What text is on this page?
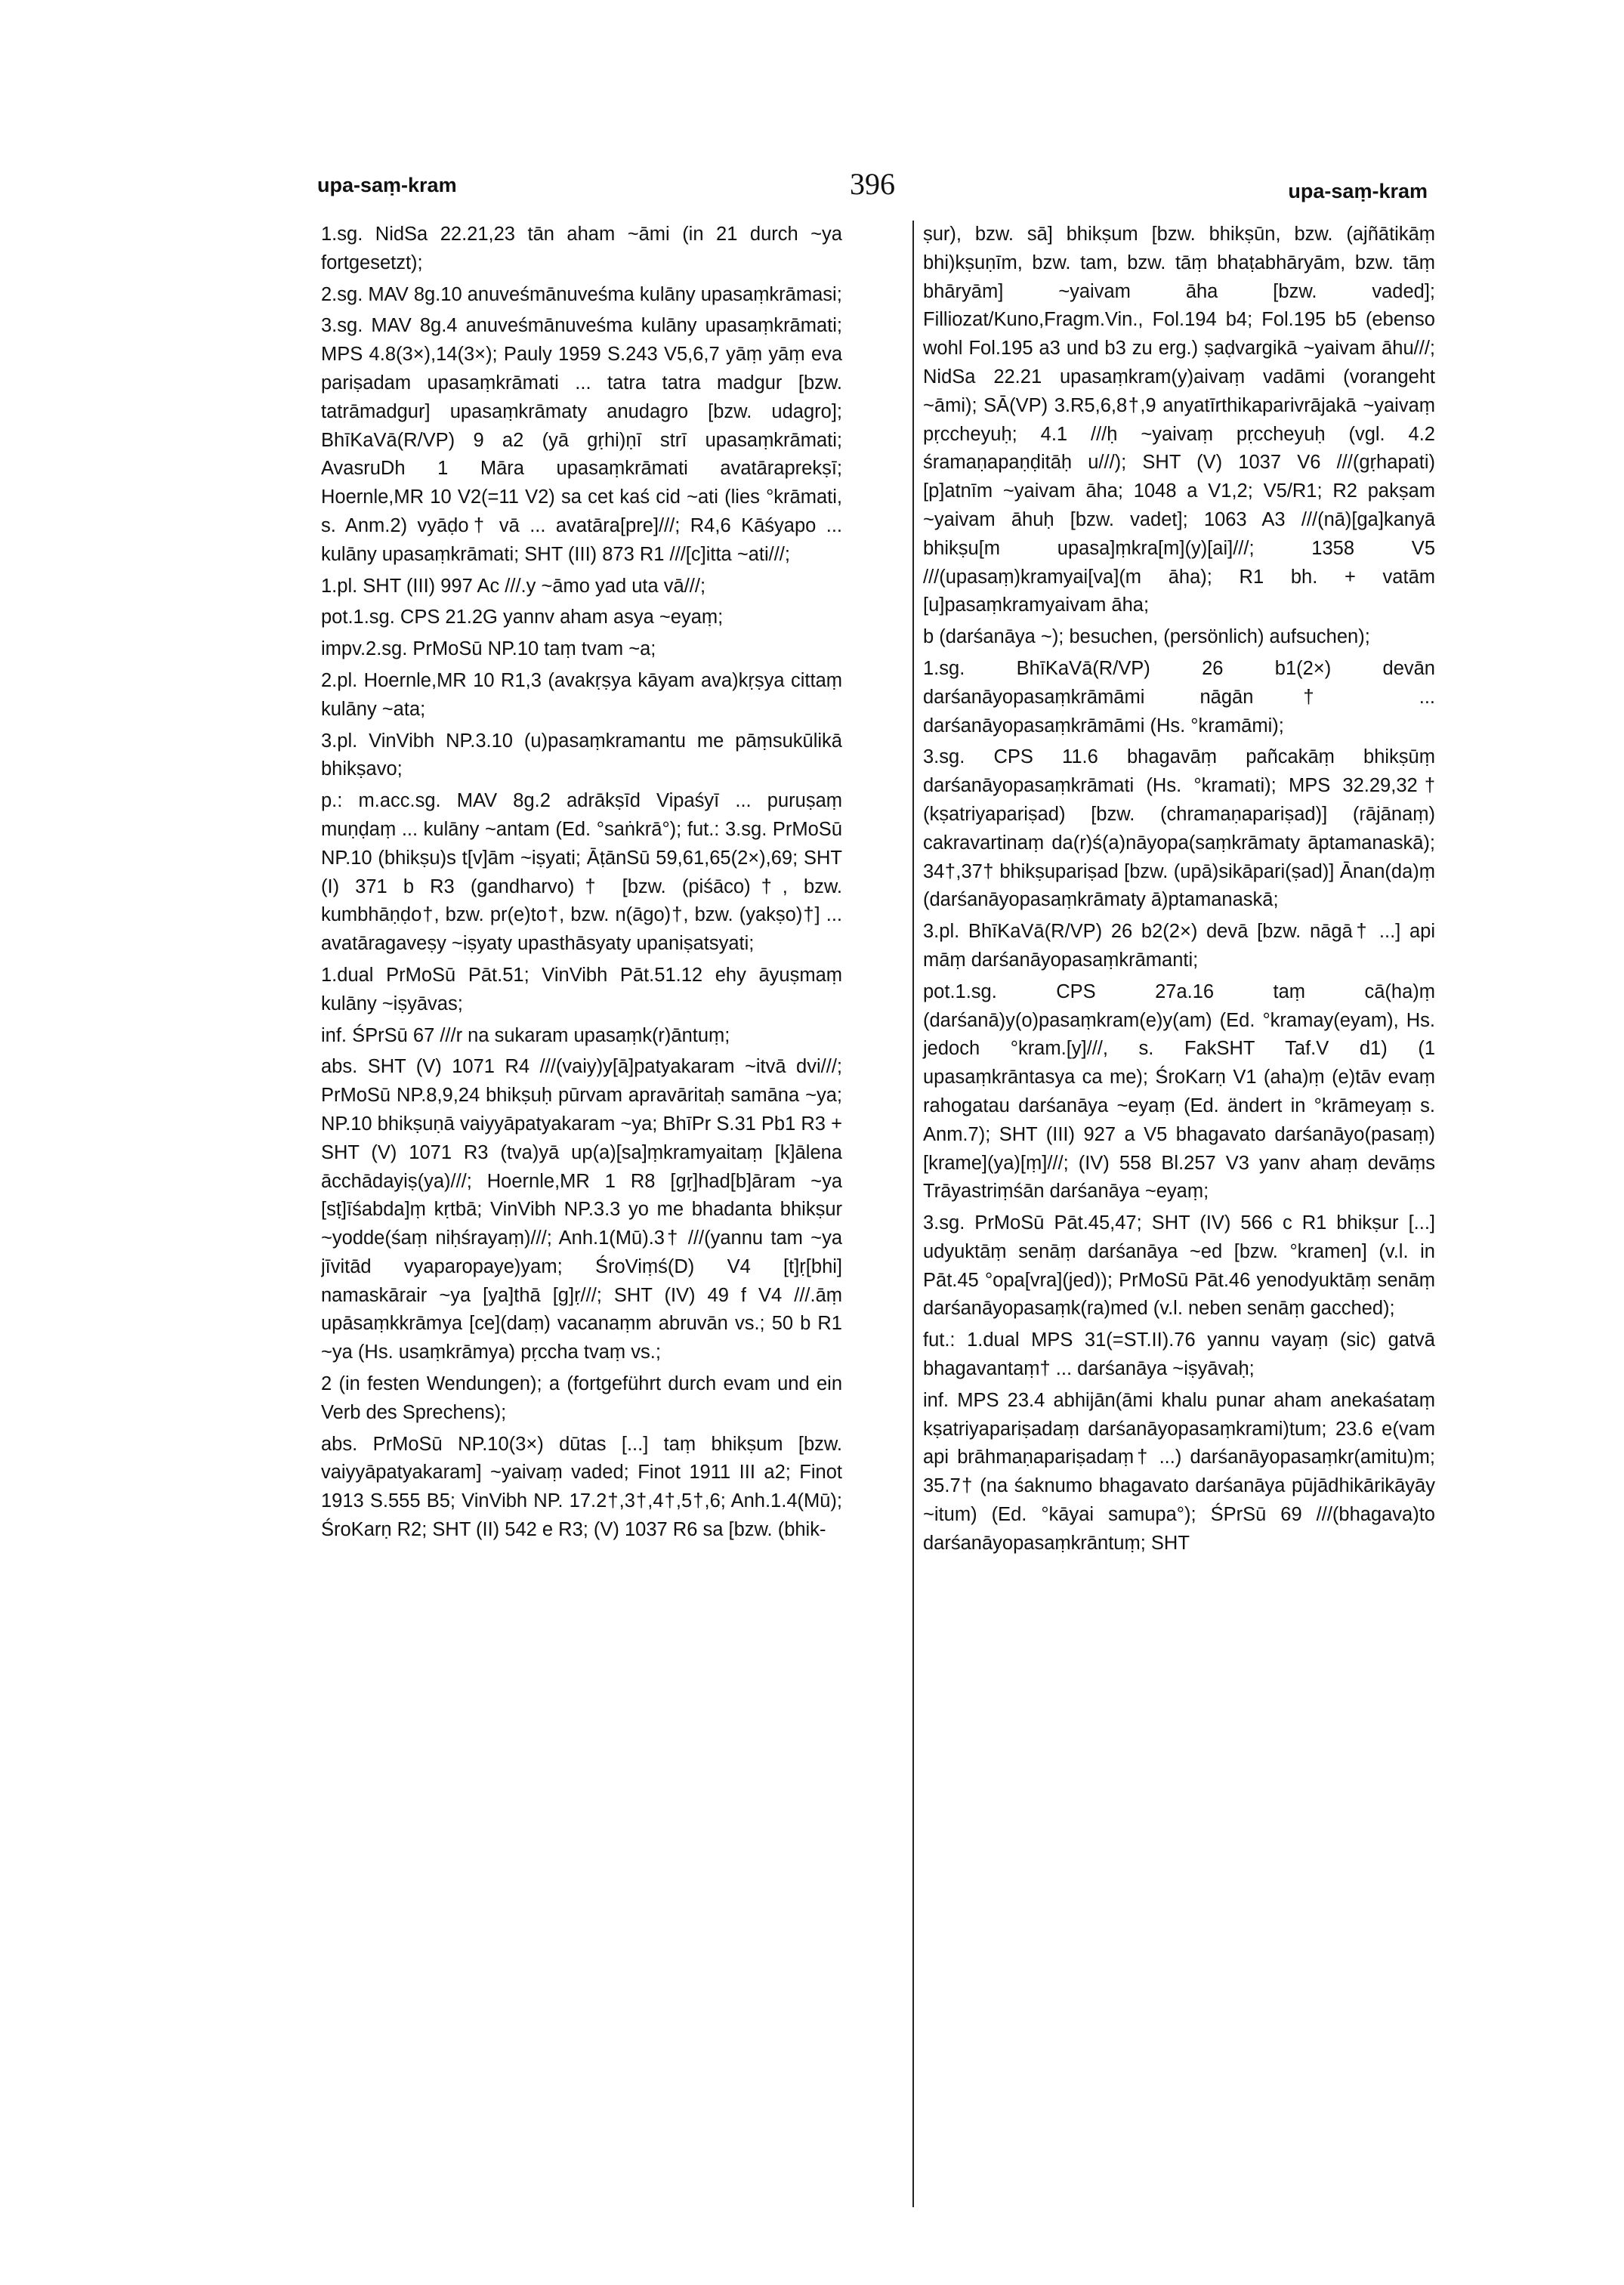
upa-saṃ-kram	396	upa-saṃ-kram

1.sg. NidSa 22.21,23 tān aham ~āmi (in 21 durch ~ya fortgesetzt);

2.sg. MAV 8g.10 anuveśmānuveśma kulāny upasaṃkrāmasi;

3.sg. MAV 8g.4 anuveśmānuveśma kulāny upasaṃkrāmati; MPS 4.8(3×),14(3×); Pauly 1959 S.243 V5,6,7 yāṃ yāṃ eva pariṣadam upasaṃkrāmati ... tatra tatra madgur [bzw. tatrāmadgur] upasaṃkrāmaty anudagro [bzw. udagro]; BhīKaVā(R/VP) 9 a2 (yā gṛhi)ṇī strī upasaṃkrāmati; AvasruDh 1 Māra upasaṃkrāmati avatāraprekṣī; Hoernle,MR 10 V2(=11 V2) sa cet kaś cid ~ati (lies °krāmati, s. Anm.2) vyāḍo† vā ... avatāra[pre]///; R4,6 Kāśyapo ... kulāny upasaṃkrāmati; SHT (III) 873 R1 ///[c]itta ~ati///;

1.pl. SHT (III) 997 Ac ///.y ~āmo yad uta vā///;

pot.1.sg. CPS 21.2G yannv aham asya ~eyaṃ;

impv.2.sg. PrMoSū NP.10 taṃ tvam ~a;

2.pl. Hoernle,MR 10 R1,3 (avakṛṣya kāyam ava)kṛṣya cittaṃ kulāny ~ata;

3.pl. VinVibh NP.3.10 (u)pasaṃkramantu me pāṃsukūlikā bhikṣavo;

p.: m.acc.sg. MAV 8g.2 adrākṣīd Vipaśyī ... puruṣaṃ muṇḍaṃ ... kulāny ~antam (Ed. °saṅkrā°); fut.: 3.sg. PrMoSū NP.10 (bhikṣu)s t[v]ām ~iṣyati; ĀṭānSū 59,61,65(2×),69; SHT (I) 371 b R3 (gandharvo)† [bzw. (piśāco)†, bzw. kumbhāṇḍo†, bzw. pr(e)to†, bzw. n(āgo)†, bzw. (yakṣo)†] ... avatāragaveṣy ~iṣyaty upasthāsyaty upaniṣatsyati;

1.dual PrMoSū Pāt.51; VinVibh Pāt.51.12 ehy āyuṣmaṃ kulāny ~iṣyāvas;

inf. ŚPrSū 67 ///r na sukaram upasaṃk(r)āntuṃ;

abs. SHT (V) 1071 R4 ///(vaiy)y[ā]patyakaram ~itvā dvi///; PrMoSū NP.8,9,24 bhikṣuḥ pūrvam apravāritaḥ samāna ~ya; NP.10 bhikṣuṇā vaiyyāpatyakaram ~ya; BhīPr S.31 Pb1 R3 + SHT (V) 1071 R3 (tva)yā up(a)[sa]ṃkramyaitaṃ [k]ālena ācchādayiṣ(ya)///; Hoernle,MR 1 R8 [gṛ]had[b]āram ~ya [sṭ]īśabda]ṃ kṛtbā; VinVibh NP.3.3 yo me bhadanta bhikṣur ~yodde(śaṃ niḥśrayaṃ)///; Anh.1(Mū).3† ///(yannu tam ~ya jīvitād vyaparopaye)yam; ŚroViṃś(D) V4 [t]ṛ[bhi] namaskārair ~ya [ya]thā [g]ṛ///; SHT (IV) 49 f V4 ///.āṃ upāsaṃkkrāmya [ce](daṃ) vacanaṃm abruvān vs.; 50 b R1 ~ya (Hs. usaṃkrāmya) pṛccha tvaṃ vs.;

2 (in festen Wendungen); a (fortgeführt durch evam und ein Verb des Sprechens);

abs. PrMoSū NP.10(3×) dūtas [...] taṃ bhikṣum [bzw. vaiyyāpatyakaram] ~yaivaṃ vaded; Finot 1911 III a2; Finot 1913 S.555 B5; VinVibh NP. 17.2†,3†,4†,5†,6; Anh.1.4(Mū); ŚroKarṇ R2; SHT (II) 542 e R3; (V) 1037 R6 sa [bzw. (bhik-

ṣur), bzw. sā] bhikṣum [bzw. bhikṣūn, bzw. (ajñātikāṃ bhi)kṣuṇīm, bzw. tam, bzw. tāṃ bhaṭabhāryām, bzw. tāṃ bhāryām] ~yaivam āha [bzw. vaded]; Filliozat/Kuno,Fragm.Vin., Fol.194 b4; Fol.195 b5 (ebenso wohl Fol.195 a3 und b3 zu erg.) ṣaḍvargikā ~yaivam āhu///; NidSa 22.21 upasaṃkram(y)aivaṃ vadāmi (vorangeht ~āmi); SĀ(VP) 3.R5,6,8†,9 anyatīrthikaparivrājakā ~yaivaṃ pṛccheyuḥ; 4.1 ///ḥ ~yaivaṃ pṛccheyuḥ (vgl. 4.2 śramaṇapaṇḍitāḥ u///); SHT (V) 1037 V6 ///(gṛhapati)[p]atnīm ~yaivam āha; 1048 a V1,2; V5/R1; R2 pakṣam ~yaivam āhuḥ [bzw. vadet]; 1063 A3 ///(nā)[ga]kanyā bhikṣu[m upasa]ṃkra[m](y)[ai]///; 1358 V5 ///(upasaṃ)kramyai[va](m āha); R1 bh. + vatām [u]pasaṃkramyaivam āha;

b (darśanāya ~); besuchen, (persönlich) aufsuchen);

1.sg. BhīKaVā(R/VP) 26 b1(2×) devān darśanāyopasaṃkrāmāmi nāgān† ... darśanāyopasaṃkrāmāmi (Hs. °kramāmi);

3.sg. CPS 11.6 bhagavāṃ pañcakāṃ bhikṣūṃ darśanāyopasaṃkrāmati (Hs. °kramati); MPS 32.29,32† (kṣatriyapariṣad) [bzw. (chramaṇapariṣad)] (rājānaṃ) cakravartinaṃ da(r)ś(a)nāyopa(saṃkrāmaty āptamanaskā); 34†,37† bhikṣupariṣad [bzw. (upā)sikāpari(ṣad)] Ānan(da)ṃ (darśanāyopasaṃkrāmaty ā)ptamanaskā;

3.pl. BhīKaVā(R/VP) 26 b2(2×) devā [bzw. nāgā† ...] api māṃ darśanāyopasaṃkrāmanti;

pot.1.sg. CPS 27a.16 taṃ cā(ha)ṃ (darśanā)y(o)pasaṃkram(e)y(am) (Ed. °kramay(eyam), Hs. jedoch °kram.[y]///, s. FakSHT Taf.V d1) (1 upasaṃkrāntasya ca me); ŚroKarṇ V1 (aha)ṃ (e)tāv evaṃ rahogatau darśanāya ~eyaṃ (Ed. ändert in °krāmeyaṃ s. Anm.7); SHT (III) 927 a V5 bhagavato darśanāyo(pasaṃ)[krame](ya)[ṃ]///; (IV) 558 Bl.257 V3 yanv ahaṃ devāṃs Trāyastriṃśān darśanāya ~eyaṃ;

3.sg. PrMoSū Pāt.45,47; SHT (IV) 566 c R1 bhikṣur [...] udyuktāṃ senāṃ darśanāya ~ed [bzw. °kramen] (v.l. in Pāt.45 °opa[vra](jed)); PrMoSū Pāt.46 yenodyuktāṃ senāṃ darśanāyopasaṃk(ra)med (v.l. neben senāṃ gacched);

fut.: 1.dual MPS 31(=ST.II).76 yannu vayaṃ (sic) gatvā bhagavantaṃ† ... darśanāya ~iṣyāvaḥ;

inf. MPS 23.4 abhijān(āmi khalu punar aham anekaśataṃ kṣatriyapariṣadaṃ darśanāyopasaṃkrami)tum; 23.6 e(vam api brāhmaṇapariṣadaṃ† ...) darśanāyopasaṃkr(amitu)m; 35.7† (na śaknumo bhagavato darśanāya pūjādhikārikāyāy ~itum) (Ed. °kāyai samupa°); ŚPrSū 69 ///(bhagava)to darśanāyopasaṃkrāntuṃ; SHT
